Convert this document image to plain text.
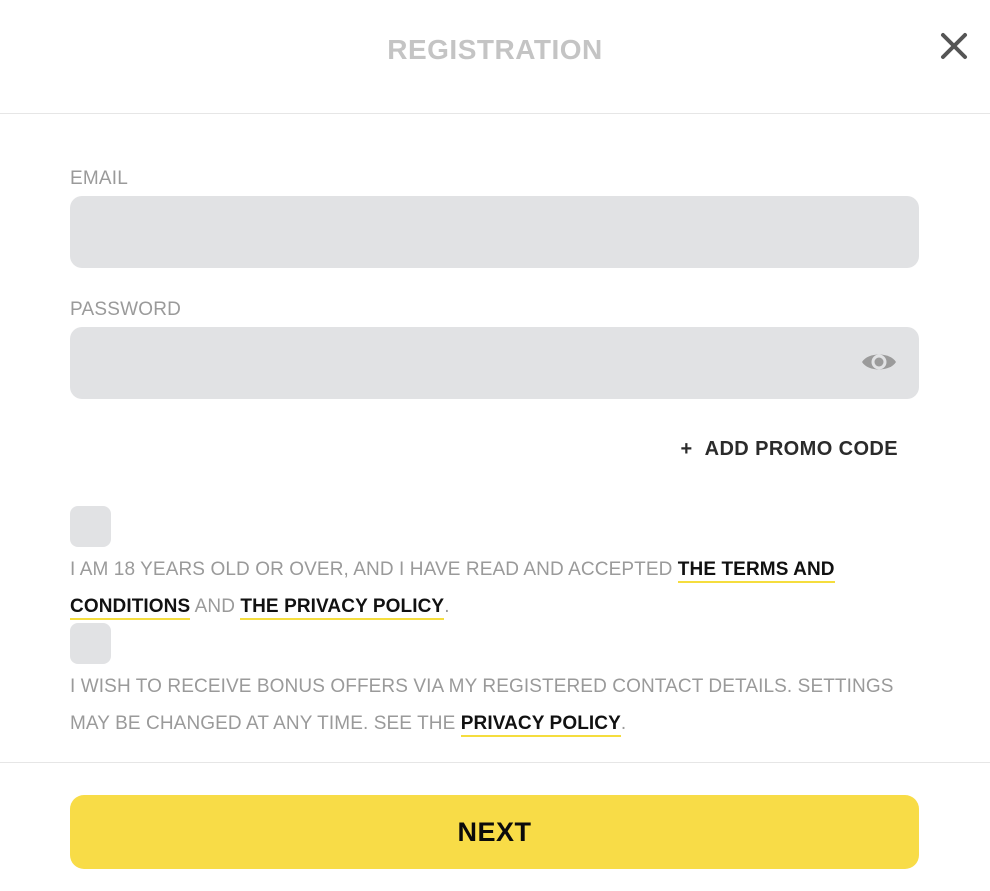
REGISTRATION
EMAIL
PASSWORD
+ ADD PROMO CODE
I AM 18 YEARS OLD OR OVER, AND I HAVE READ AND ACCEPTED THE TERMS AND CONDITIONS AND THE PRIVACY POLICY.
I WISH TO RECEIVE BONUS OFFERS VIA MY REGISTERED CONTACT DETAILS. SETTINGS MAY BE CHANGED AT ANY TIME. SEE THE PRIVACY POLICY.
NEXT
